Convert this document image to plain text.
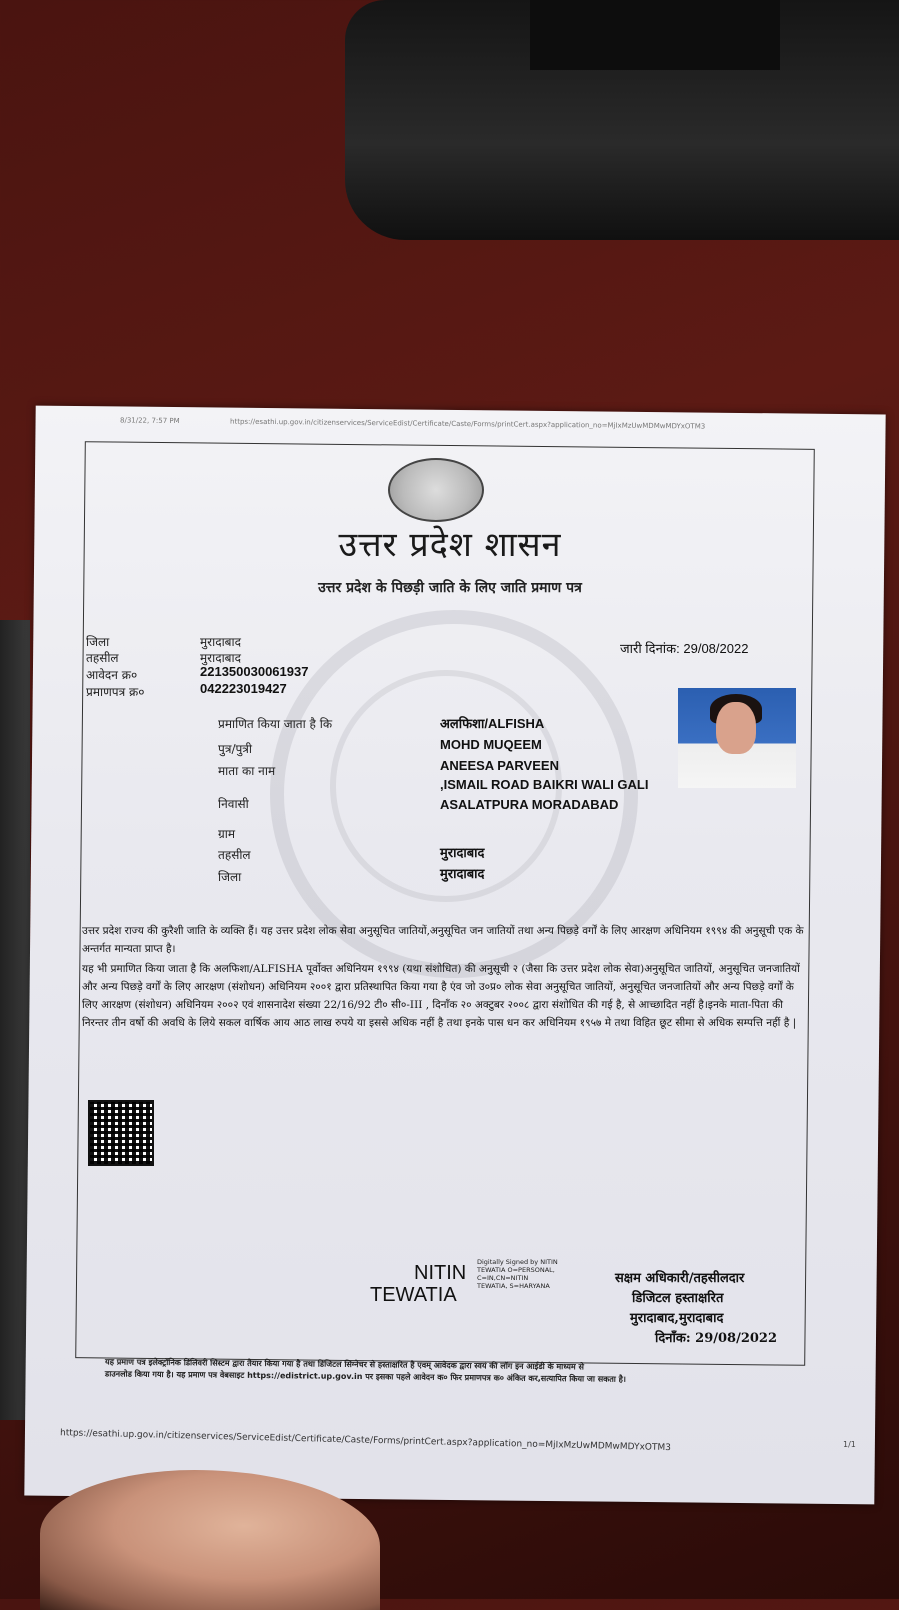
8/31/22, 7:57 PM	https://esathi.up.gov.in/citizenservices/ServiceEdist/Certificate/Caste/Forms/printCert.aspx?application_no=MjIxMzUwMDMwMDYxOTM3
उत्तर प्रदेश शासन
उत्तर प्रदेश के पिछड़ी जाति के लिए जाति प्रमाण पत्र
जिला	मुरादाबाद
तहसील	मुरादाबाद
आवेदन क्र०	221350030061937
प्रमाणपत्र क्र०	042223019427
जारी दिनांक: 29/08/2022
प्रमाणित किया जाता है कि	अलफिशा/ALFISHA
पुत्र/पुत्री	MOHD MUQEEM
माता का नाम	ANEESA PARVEEN
,ISMAIL ROAD BAIKRI WALI GALI
निवासी	ASALATPURA MORADABAD
ग्राम
तहसील	मुरादाबाद
जिला	मुरादाबाद
उत्तर प्रदेश राज्य की कुरैशी जाति के व्यक्ति हैं। यह उत्तर प्रदेश लोक सेवा अनुसूचित जातियों,अनुसूचित जन जातियों तथा अन्य पिछड़े वर्गों के लिए आरक्षण अधिनियम १९९४ की अनुसूची एक के अन्तर्गत मान्यता प्राप्त है।
यह भी प्रमाणित किया जाता है कि अलफिशा/ALFISHA पूर्वोक्त अधिनियम १९९४ (यथा संशोधित) की अनुसूची २ (जैसा कि उत्तर प्रदेश लोक सेवा)अनुसूचित जातियों, अनुसूचित जनजातियों और अन्य पिछड़े वर्गों के लिए आरक्षण (संशोधन) अधिनियम २००१ द्वारा प्रतिस्थापित किया गया है एंव जो उ०प्र० लोक सेवा अनुसूचित जातियों, अनुसूचित जनजातियों और अन्य पिछड़े वर्गों के लिए आरक्षण (संशोधन) अधिनियम २००२ एवं शासनादेश संख्या 22/16/92 टी० सी०-III , दिनाँक २० अक्टुबर २००८ द्वारा संशोधित की गई है, से आच्छादित नहीं है।इनके माता-पिता की निरन्तर तीन वर्षो की अवधि के लिये सकल वार्षिक आय आठ लाख रुपये या इससे अधिक नहीं है तथा इनके पास धन कर अधिनियम १९५७ मे तथा विहित छूट सीमा से अधिक सम्पत्ति नहीं है |
NITIN
TEWATIA
Digitally Signed by NITIN
TEWATIA O=PERSONAL,
C=IN,CN=NITIN
TEWATIA, S=HARYANA	सक्षम अधिकारी/तहसीलदार
डिजिटल हस्ताक्षरित
मुरादाबाद,मुरादाबाद
दिनाँक: 29/08/2022
यह प्रमाण पत्र इलेक्ट्रॉनिक डिलिवरी सिस्टम द्वारा तैयार किया गया है तथा डिजिटल सिग्नेचर से हस्ताक्षरित है एवम् आवेदक द्वारा स्वयं की लॉग इन आईडी के माध्यम से
डाउनलोड किया गया है। यह प्रमाण पत्र वेबसाइट https://edistrict.up.gov.in पर इसका पहले आवेदन क० फिर प्रमाणपत्र क० अंकित कर,सत्यापित किया जा सकता है।
https://esathi.up.gov.in/citizenservices/ServiceEdist/Certificate/Caste/Forms/printCert.aspx?application_no=MjIxMzUwMDMwMDYxOTM3	1/1
